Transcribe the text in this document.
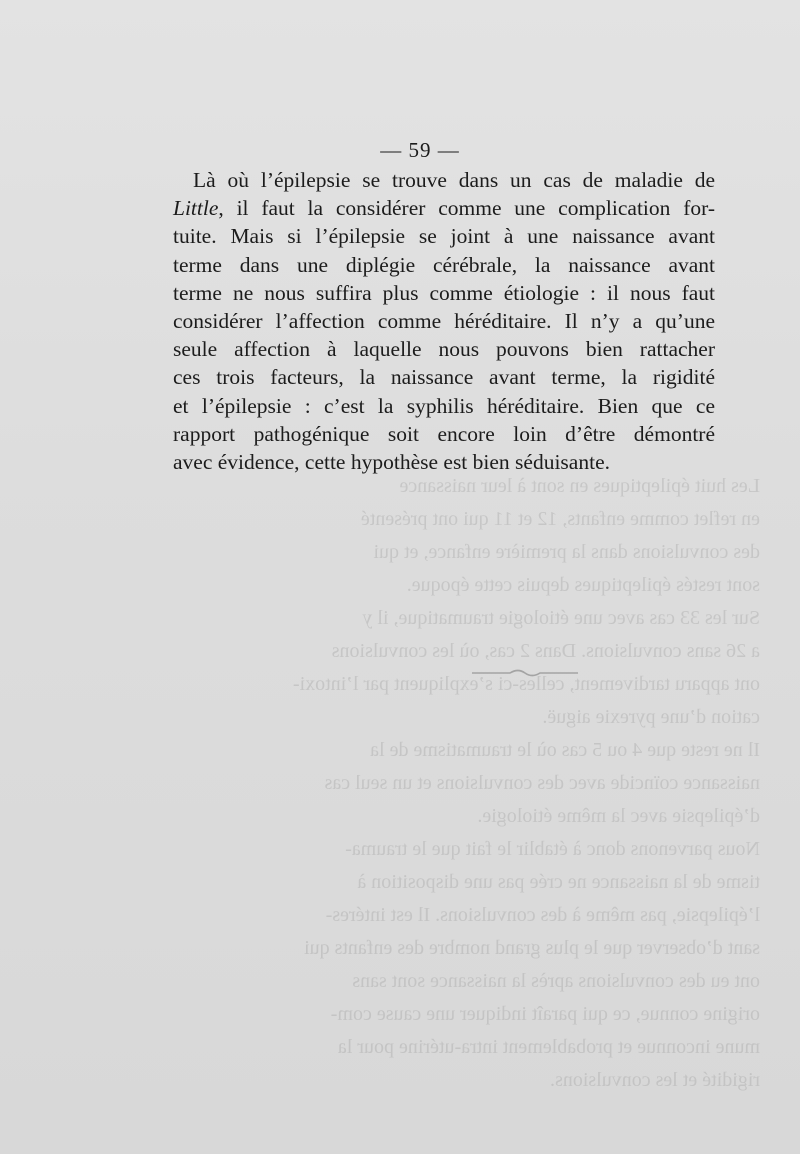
Les huit épileptiques en sont à leur naissance
en reflet comme enfants, 12 et 11 qui ont présenté
des convulsions dans la première enfance, et qui
sont restés épileptiques depuis cette époque.
Sur les 33 cas avec une étiologie traumatique, il y
a 26 sans convulsions. Dans 2 cas, où les convulsions
ont apparu tardivement, celles-ci s’expliquent par l’intoxi-
cation d’une pyrexie aiguë.
Il ne reste que 4 ou 5 cas où le traumatisme de la
naissance coïncide avec des convulsions et un seul cas
d’épilepsie avec la même étiologie.
Nous parvenons donc à établir le fait que le trauma-
tisme de la naissance ne crée pas une disposition à
l’épilepsie, pas même à des convulsions. Il est intéres-
sant d’observer que le plus grand nombre des enfants qui
ont eu des convulsions après la naissance sont sans
origine connue, ce qui paraît indiquer une cause com-
mune inconnue et probablement intra-utérine pour la
rigidité et les convulsions.
— 59 —
Là où l’épilepsie se trouve dans un cas de maladie de
Little, il faut la considérer comme une complication for-
tuite. Mais si l’épilepsie se joint à une naissance avant
terme dans une diplégie cérébrale, la naissance avant
terme ne nous suffira plus comme étiologie : il nous faut
considérer l’affection comme héréditaire. Il n’y a qu’une
seule affection à laquelle nous pouvons bien rattacher
ces trois facteurs, la naissance avant terme, la rigidité
et l’épilepsie : c’est la syphilis héréditaire. Bien que ce
rapport pathogénique soit encore loin d’être démontré
avec évidence, cette hypothèse est bien séduisante.
